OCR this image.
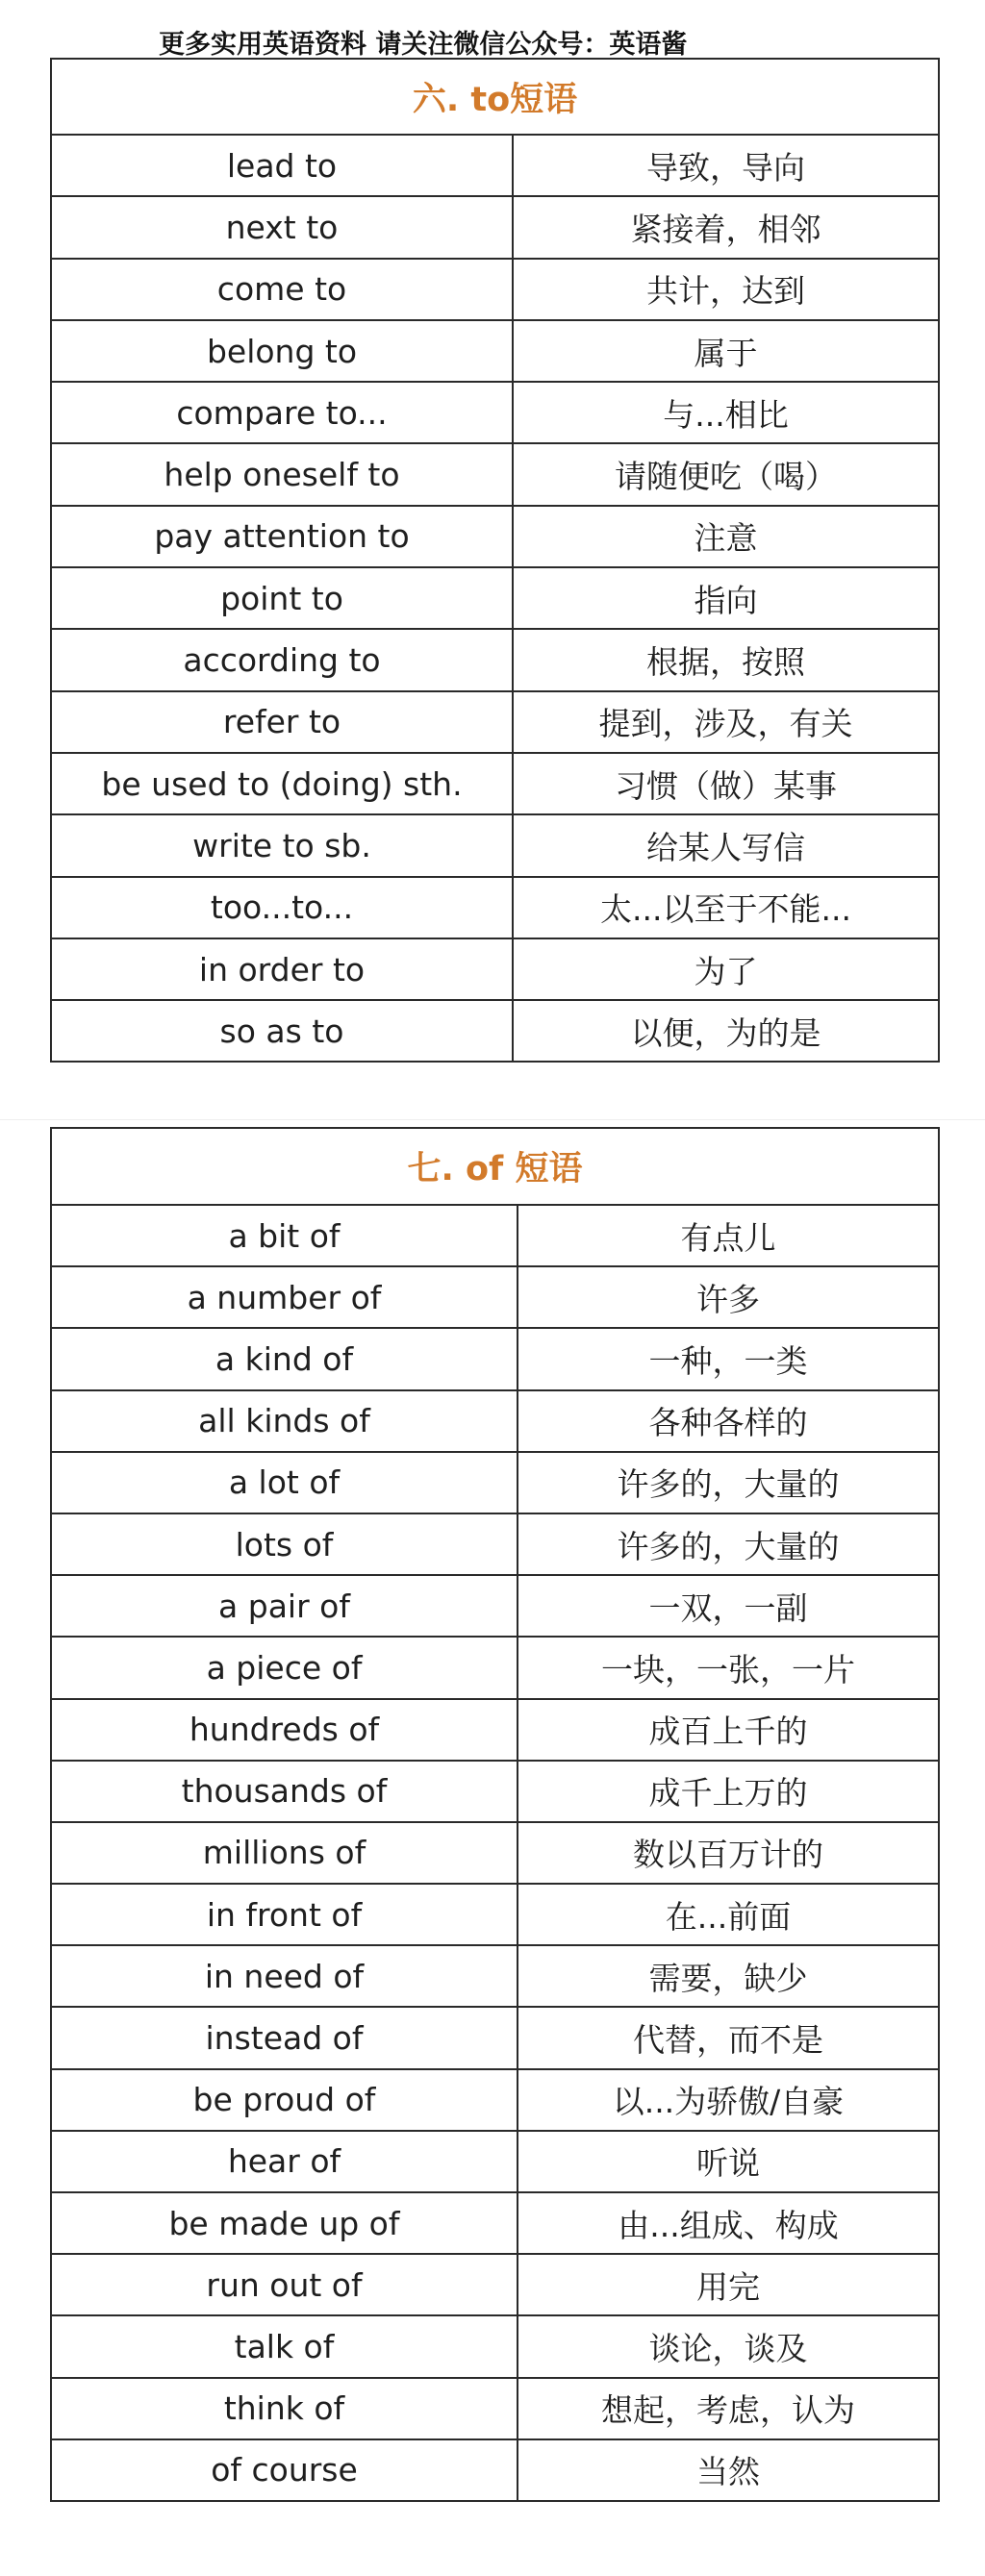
更多实用英语资料 请关注微信公众号：英语酱
六. to短语	
lead to	导致，导向
next to	紧接着，相邻
come to	共计，达到
belong to	属于
compare to...	与...相比
help oneself to	请随便吃（喝）
pay attention to	注意
point to	指向
according to	根据，按照
refer to	提到，涉及，有关
be used to (doing) sth.	习惯（做）某事
write to sb.	给某人写信
too...to...	太...以至于不能...
in order to	为了
so as to	以便，为的是
七. of 短语	
a bit of	有点儿
a number of	许多
a kind of	一种，一类
all kinds of	各种各样的
a lot of	许多的，大量的
lots of	许多的，大量的
a pair of	一双，一副
a piece of	一块，一张，一片
hundreds of	成百上千的
thousands of	成千上万的
millions of	数以百万计的
in front of	在...前面
in need of	需要，缺少
instead of	代替，而不是
be proud of	以...为骄傲/自豪
hear of	听说
be made up of	由...组成、构成
run out of	用完
talk of	谈论，谈及
think of	想起，考虑，认为
of course	当然
